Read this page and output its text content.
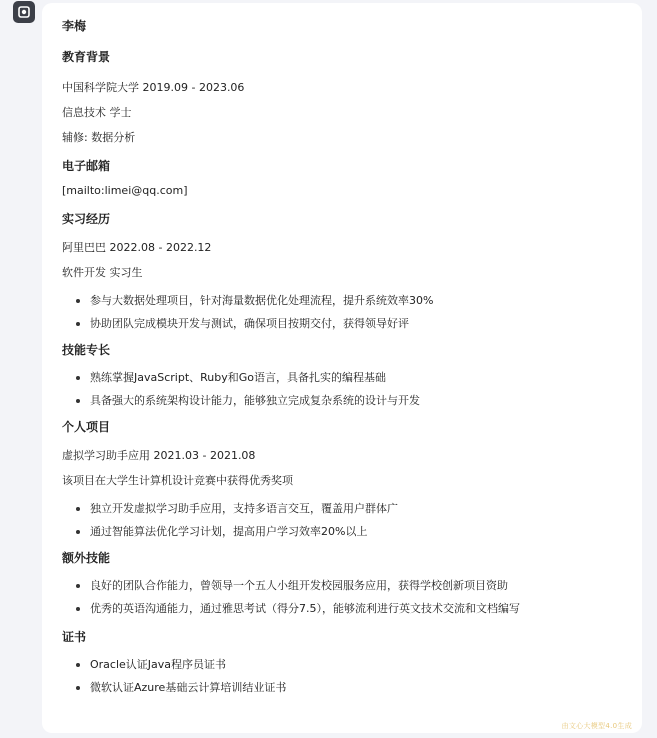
李梅
教育背景
中国科学院大学 2019.09 - 2023.06
信息技术 学士
辅修: 数据分析
电子邮箱
[mailto:limei@qq.com]
实习经历
阿里巴巴 2022.08 - 2022.12
软件开发 实习生
参与大数据处理项目，针对海量数据优化处理流程，提升系统效率30%
协助团队完成模块开发与测试，确保项目按期交付，获得领导好评
技能专长
熟练掌握JavaScript、Ruby和Go语言，具备扎实的编程基础
具备强大的系统架构设计能力，能够独立完成复杂系统的设计与开发
个人项目
虚拟学习助手应用 2021.03 - 2021.08
该项目在大学生计算机设计竞赛中获得优秀奖项
独立开发虚拟学习助手应用，支持多语言交互，覆盖用户群体广
通过智能算法优化学习计划，提高用户学习效率20%以上
额外技能
良好的团队合作能力，曾领导一个五人小组开发校园服务应用，获得学校创新项目资助
优秀的英语沟通能力，通过雅思考试（得分7.5），能够流利进行英文技术交流和文档编写
证书
Oracle认证Java程序员证书
微软认证Azure基础云计算培训结业证书
由文心大模型4.0生成
